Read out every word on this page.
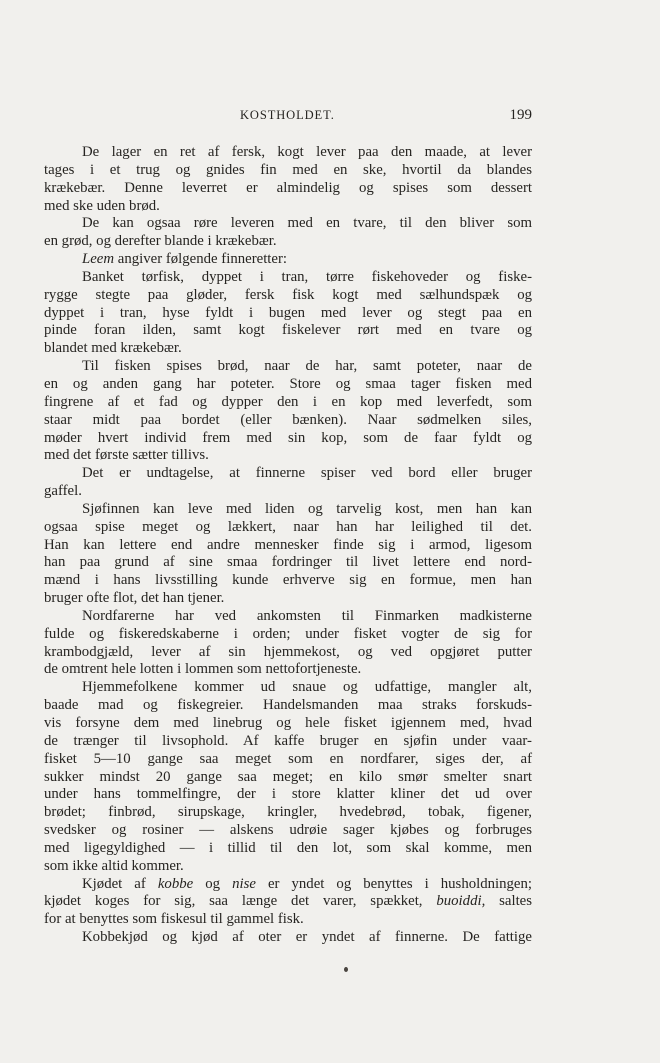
KOSTHOLDET.	199
De lager en ret af fersk, kogt lever paa den maade, at lever
tages i et trug og gnides fin med en ske, hvortil da blandes
krækebær. Denne leverret er almindelig og spises som dessert
med ske uden brød.
De kan ogsaa røre leveren med en tvare, til den bliver som
en grød, og derefter blande i krækebær.
Leem angiver følgende finneretter:
Banket tørfisk, dyppet i tran, tørre fiskehoveder og fiske-
rygge stegte paa gløder, fersk fisk kogt med sælhundspæk og
dyppet i tran, hyse fyldt i bugen med lever og stegt paa en
pinde foran ilden, samt kogt fiskelever rørt med en tvare og
blandet med krækebær.
Til fisken spises brød, naar de har, samt poteter, naar de
en og anden gang har poteter. Store og smaa tager fisken med
fingrene af et fad og dypper den i en kop med leverfedt, som
staar midt paa bordet (eller bænken). Naar sødmelken siles,
møder hvert individ frem med sin kop, som de faar fyldt og
med det første sætter tillivs.
Det er undtagelse, at finnerne spiser ved bord eller bruger
gaffel.
Sjøfinnen kan leve med liden og tarvelig kost, men han kan
ogsaa spise meget og lækkert, naar han har leilighed til det.
Han kan lettere end andre mennesker finde sig i armod, ligesom
han paa grund af sine smaa fordringer til livet lettere end nord-
mænd i hans livsstilling kunde erhverve sig en formue, men han
bruger ofte flot, det han tjener.
Nordfarerne har ved ankomsten til Finmarken madkisterne
fulde og fiskeredskaberne i orden; under fisket vogter de sig for
krambodgjæld, lever af sin hjemmekost, og ved opgjøret putter
de omtrent hele lotten i lommen som nettofortjeneste.
Hjemmefolkene kommer ud snaue og udfattige, mangler alt,
baade mad og fiskegreier. Handelsmanden maa straks forskuds-
vis forsyne dem med linebrug og hele fisket igjennem med, hvad
de trænger til livsophold. Af kaffe bruger en sjøfin under vaar-
fisket 5—10 gange saa meget som en nordfarer, siges der, af
sukker mindst 20 gange saa meget; en kilo smør smelter snart
under hans tommelfingre, der i store klatter kliner det ud over
brødet; finbrød, sirupskage, kringler, hvedebrød, tobak, figener,
svedsker og rosiner — alskens udrøie sager kjøbes og forbruges
med ligegyldighed — i tillid til den lot, som skal komme, men
som ikke altid kommer.
Kjødet af kobbe og nise er yndet og benyttes i husholdningen;
kjødet koges for sig, saa længe det varer, spækket, buoiddi, saltes
for at benyttes som fiskesul til gammel fisk.
Kobbekjød og kjød af oter er yndet af finnerne. De fattige
